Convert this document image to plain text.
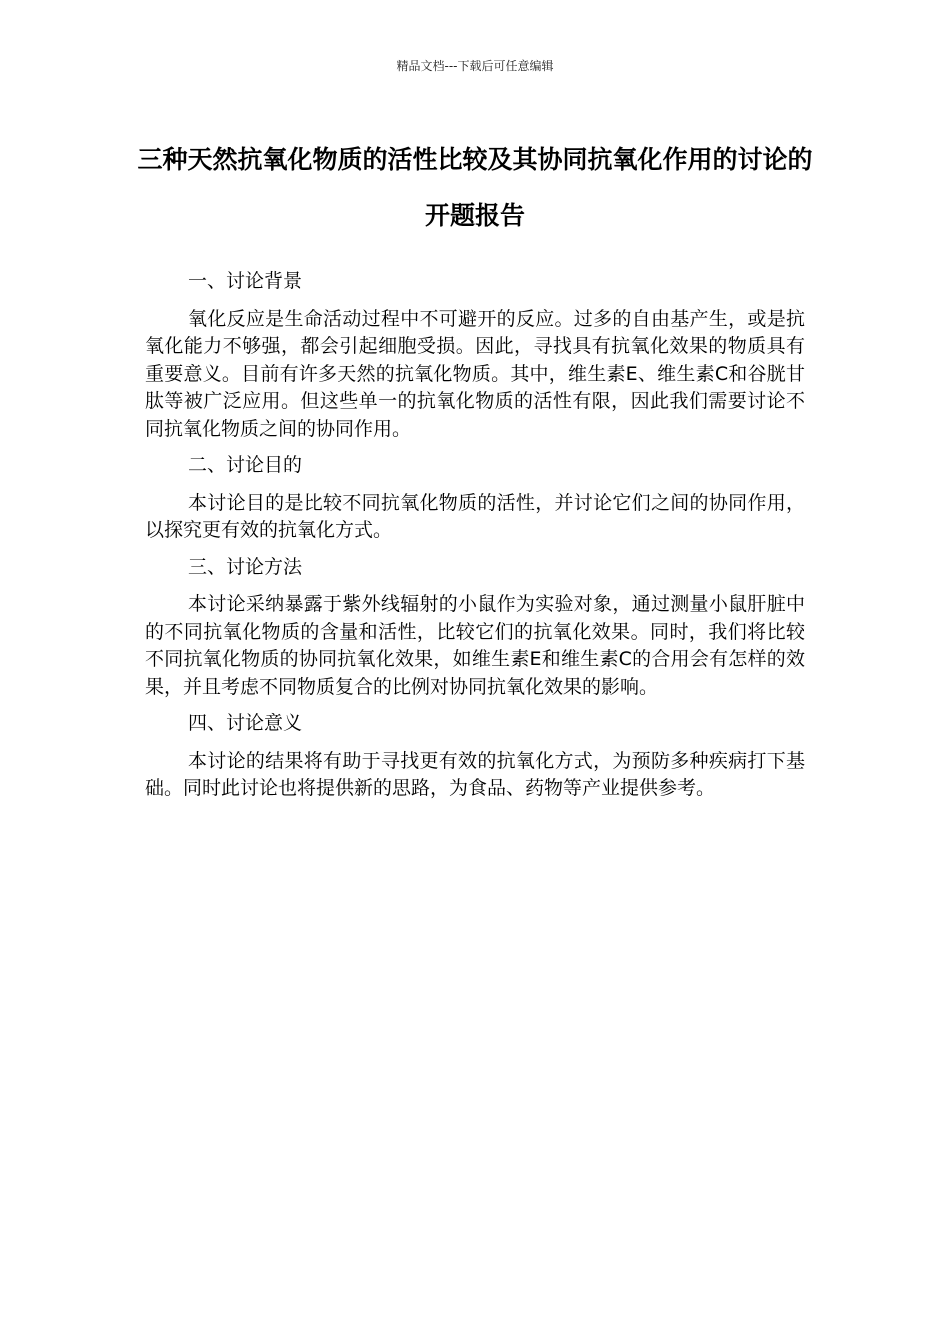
精品文档---下载后可任意编辑
三种天然抗氧化物质的活性比较及其协同抗氧化作用的讨论的开题报告
一、讨论背景

氧化反应是生命活动过程中不可避开的反应。过多的自由基产生，或是抗氧化能力不够强，都会引起细胞受损。因此，寻找具有抗氧化效果的物质具有重要意义。目前有许多天然的抗氧化物质。其中，维生素E、维生素C和谷胱甘肽等被广泛应用。但这些单一的抗氧化物质的活性有限，因此我们需要讨论不同抗氧化物质之间的协同作用。

二、讨论目的

本讨论目的是比较不同抗氧化物质的活性，并讨论它们之间的协同作用，以探究更有效的抗氧化方式。

三、讨论方法

本讨论采纳暴露于紫外线辐射的小鼠作为实验对象，通过测量小鼠肝脏中的不同抗氧化物质的含量和活性，比较它们的抗氧化效果。同时，我们将比较不同抗氧化物质的协同抗氧化效果，如维生素E和维生素C的合用会有怎样的效果，并且考虑不同物质复合的比例对协同抗氧化效果的影响。

四、讨论意义

本讨论的结果将有助于寻找更有效的抗氧化方式，为预防多种疾病打下基础。同时此讨论也将提供新的思路，为食品、药物等产业提供参考。
